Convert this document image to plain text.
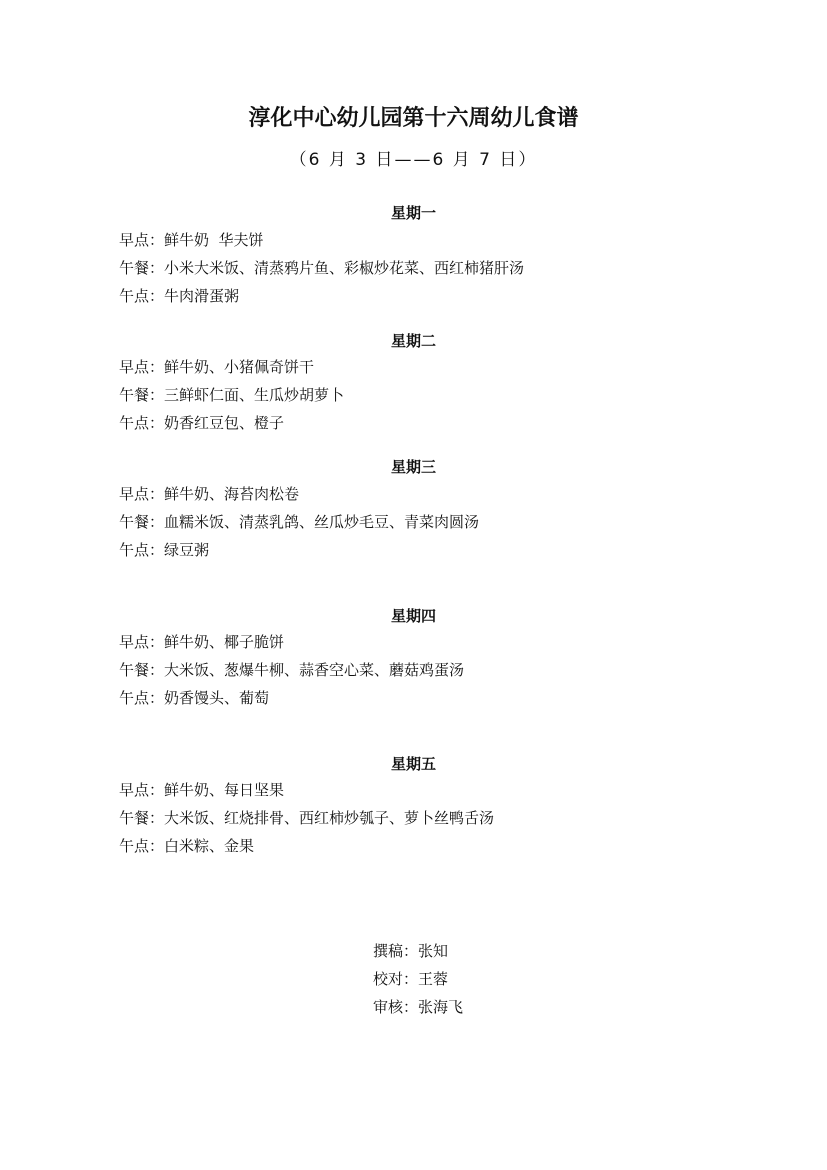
淳化中心幼儿园第十六周幼儿食谱
（6 月 3 日——6 月 7 日）
星期一
早点：鲜牛奶  华夫饼
午餐：小米大米饭、清蒸鸦片鱼、彩椒炒花菜、西红柿猪肝汤
午点：牛肉滑蛋粥
星期二
早点：鲜牛奶、小猪佩奇饼干
午餐：三鲜虾仁面、生瓜炒胡萝卜
午点：奶香红豆包、橙子
星期三
早点：鲜牛奶、海苔肉松卷
午餐：血糯米饭、清蒸乳鸽、丝瓜炒毛豆、青菜肉圆汤
午点：绿豆粥
星期四
早点：鲜牛奶、椰子脆饼
午餐：大米饭、葱爆牛柳、蒜香空心菜、蘑菇鸡蛋汤
午点：奶香馒头、葡萄
星期五
早点：鲜牛奶、每日坚果
午餐：大米饭、红烧排骨、西红柿炒瓠子、萝卜丝鸭舌汤
午点：白米粽、金果
撰稿：张知
校对：王蓉
审核：张海飞
